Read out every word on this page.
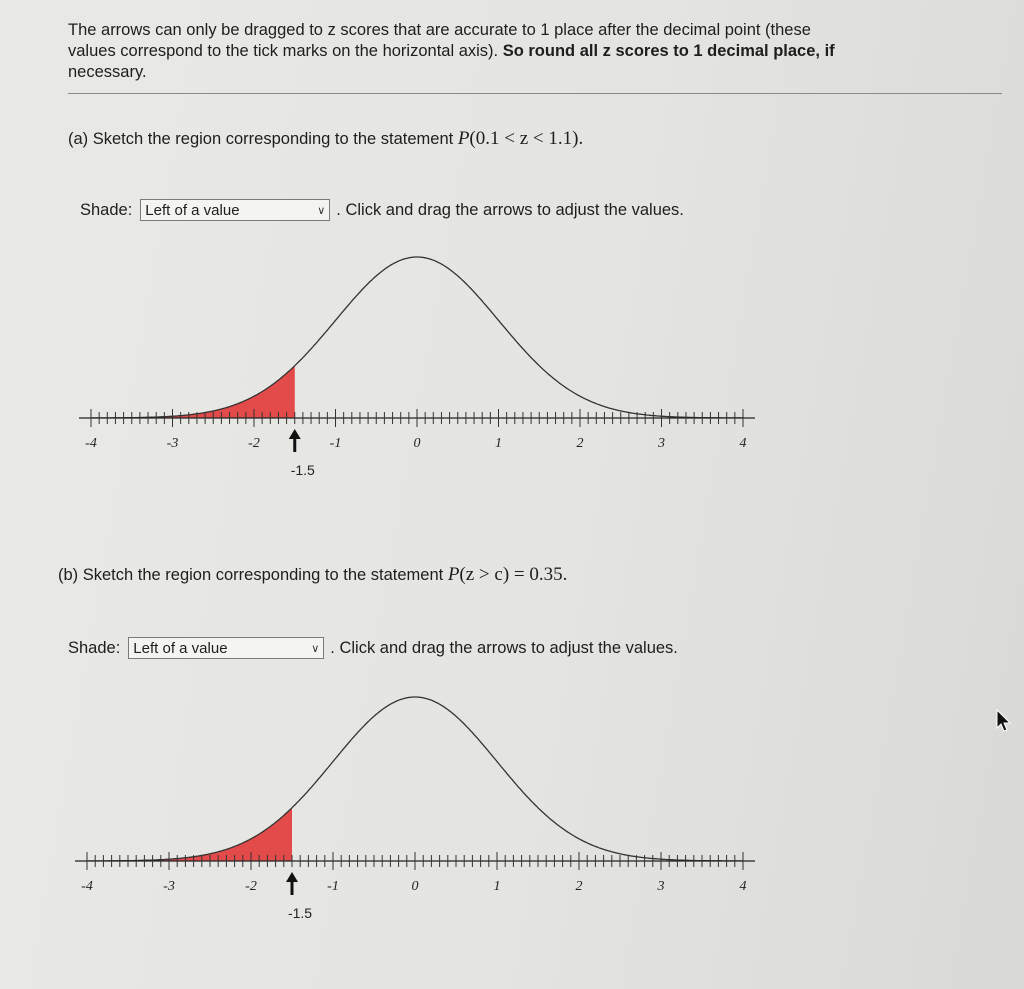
The arrows can only be dragged to z scores that are accurate to 1 place after the decimal point (these
values correspond to the tick marks on the horizontal axis). So round all z scores to 1 decimal place, if
necessary.
(a) Sketch the region corresponding to the statement P(0.1 < z < 1.1).
Shade: Left of a value	∨ . Click and drag the arrows to adjust the values.
-4	-3	-2	-1	0	1	2	3	4
-1.5
(b) Sketch the region corresponding to the statement P(z > c) = 0.35.
Shade: Left of a value	∨ . Click and drag the arrows to adjust the values.
-4	-3	-2	-1	0	1	2	3	4
-1.5
